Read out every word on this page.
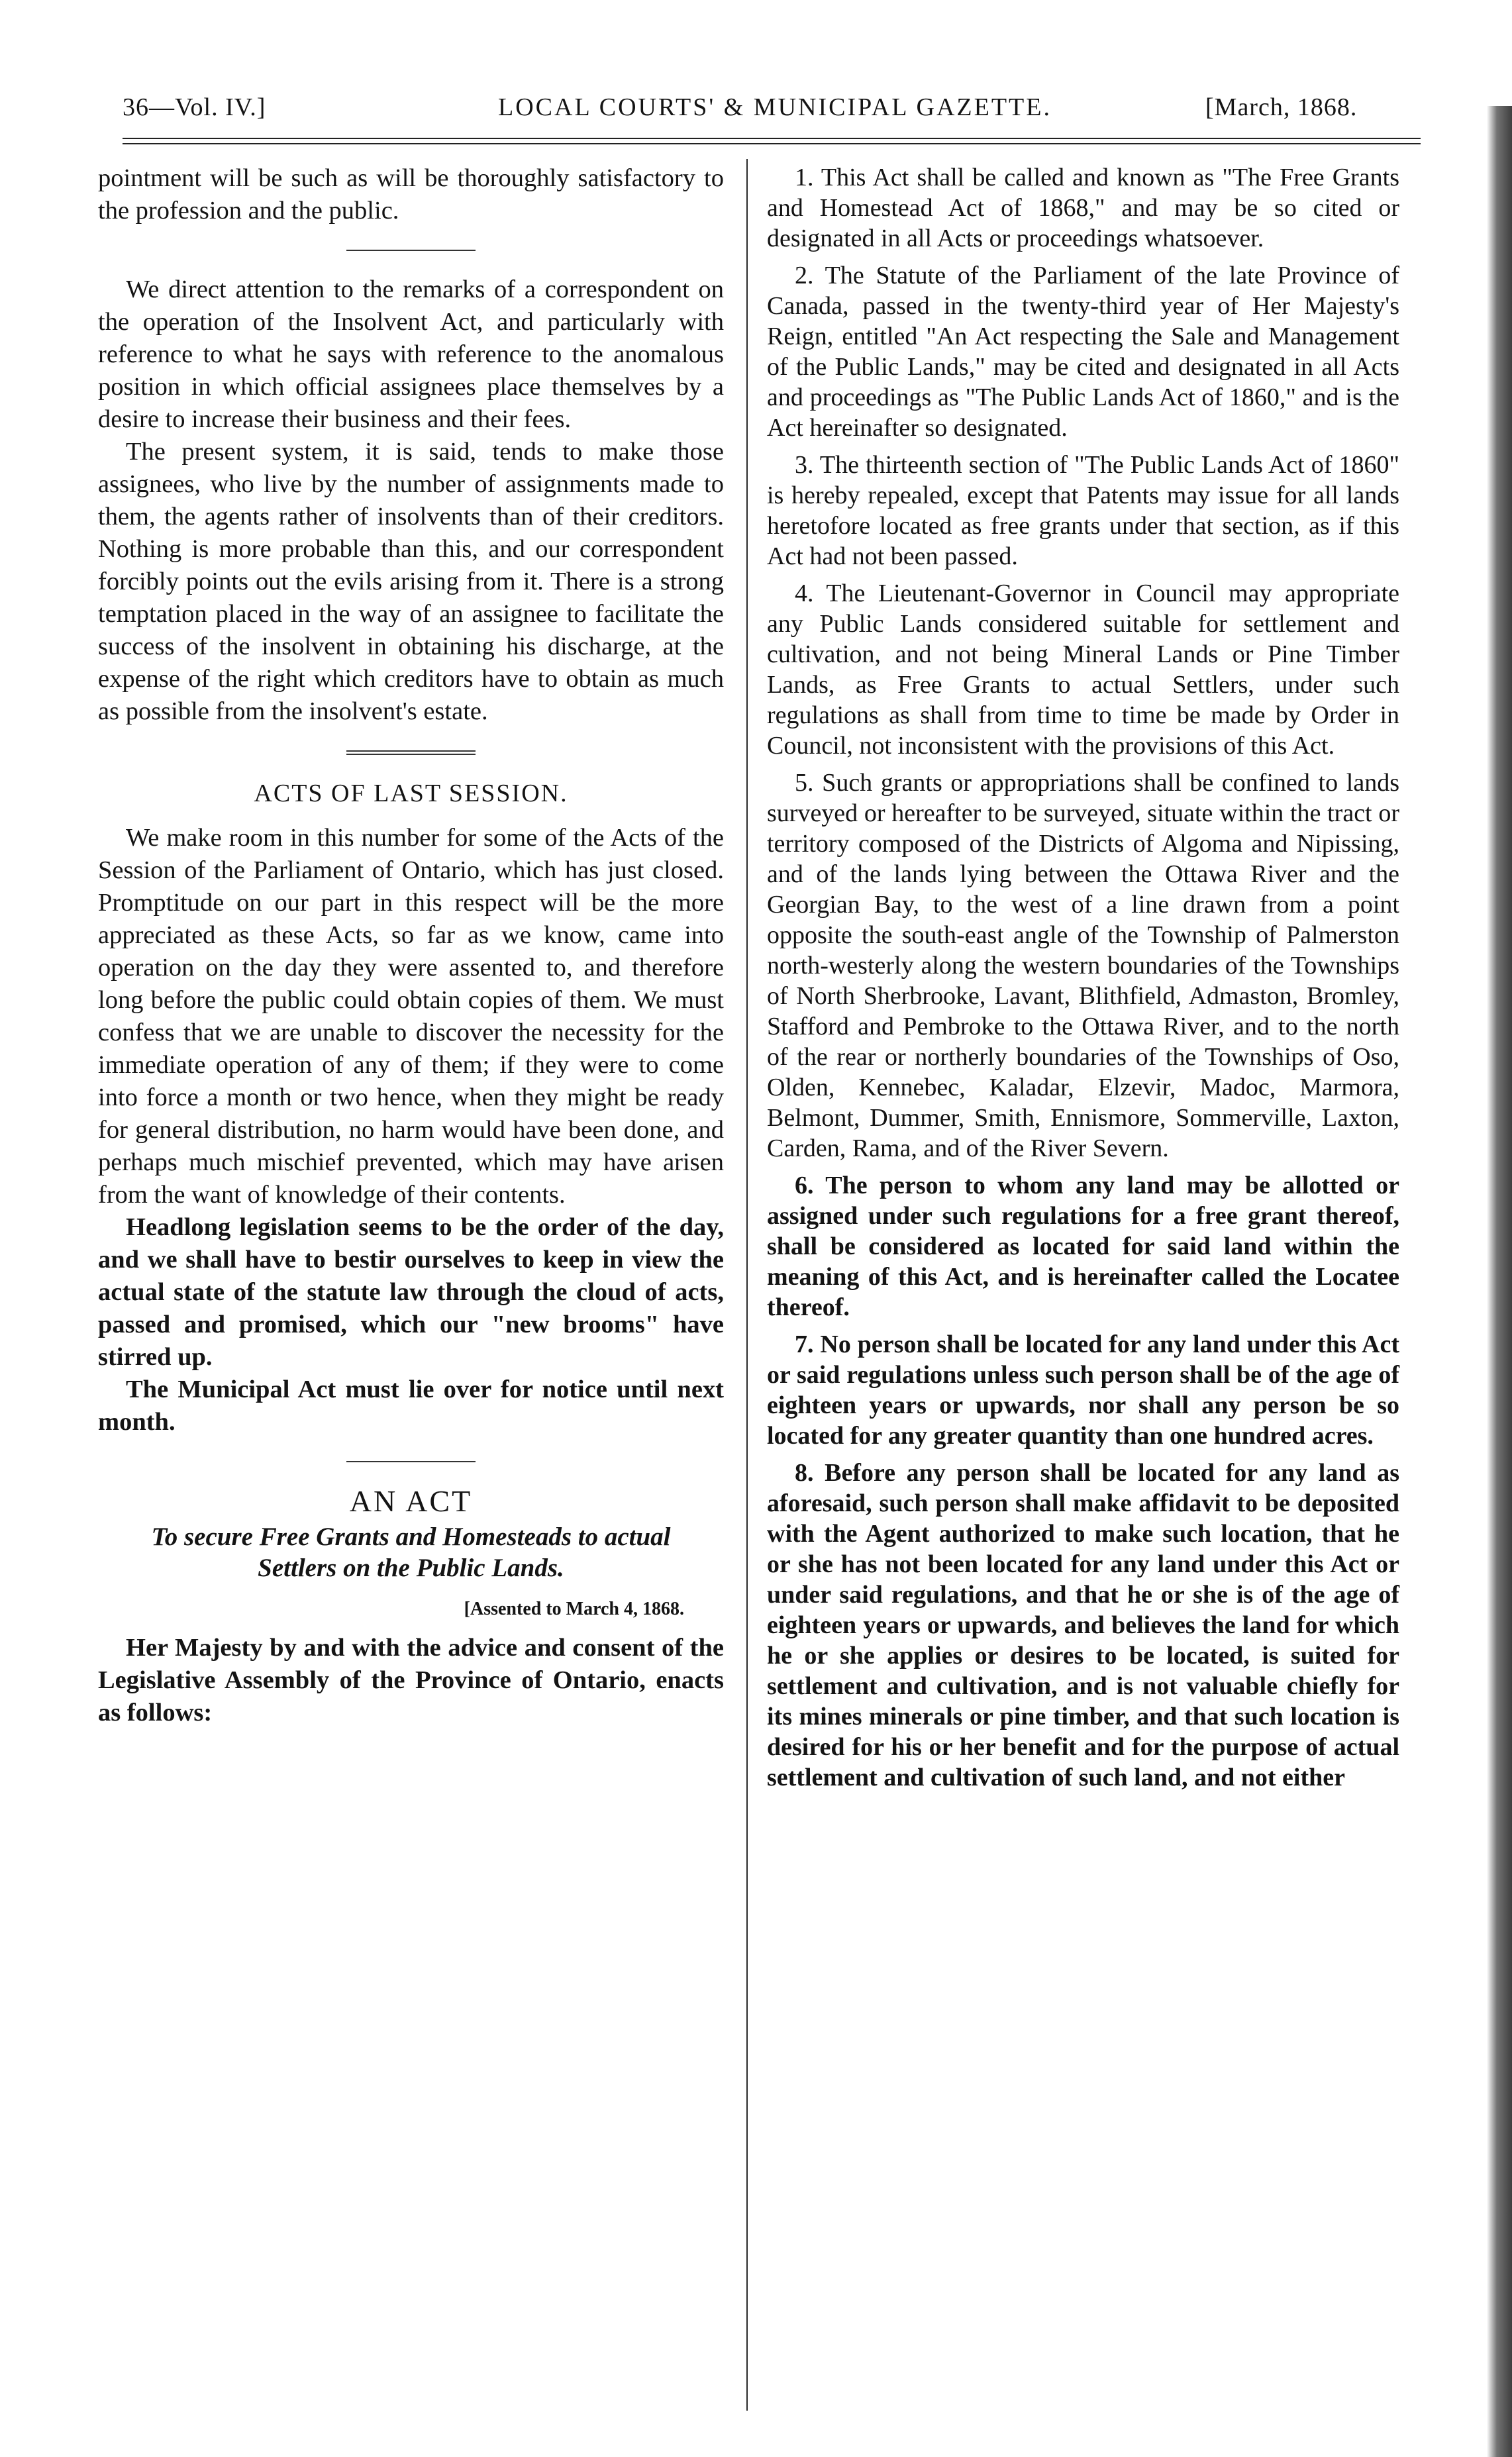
36—Vol. IV.]	LOCAL COURTS' & MUNICIPAL GAZETTE.	[March, 1868.

pointment will be such as will be thoroughly satisfactory to the profession and the public.

We direct attention to the remarks of a correspondent on the operation of the Insolvent Act, and particularly with reference to what he says with reference to the anomalous position in which official assignees place themselves by a desire to increase their business and their fees.

The present system, it is said, tends to make those assignees, who live by the number of assignments made to them, the agents rather of insolvents than of their creditors. Nothing is more probable than this, and our correspondent forcibly points out the evils arising from it. There is a strong temptation placed in the way of an assignee to facilitate the success of the insolvent in obtaining his discharge, at the expense of the right which creditors have to obtain as much as possible from the insolvent's estate.

ACTS OF LAST SESSION.

We make room in this number for some of the Acts of the Session of the Parliament of Ontario, which has just closed. Promptitude on our part in this respect will be the more appreciated as these Acts, so far as we know, came into operation on the day they were assented to, and therefore long before the public could obtain copies of them. We must confess that we are unable to discover the necessity for the immediate operation of any of them; if they were to come into force a month or two hence, when they might be ready for general distribution, no harm would have been done, and perhaps much mischief prevented, which may have arisen from the want of knowledge of their contents.

Headlong legislation seems to be the order of the day, and we shall have to bestir ourselves to keep in view the actual state of the statute law through the cloud of acts, passed and promised, which our "new brooms" have stirred up.

The Municipal Act must lie over for notice until next month.

AN ACT
To secure Free Grants and Homesteads to actual Settlers on the Public Lands.
[Assented to March 4, 1868.

Her Majesty by and with the advice and consent of the Legislative Assembly of the Province of Ontario, enacts as follows:

1. This Act shall be called and known as "The Free Grants and Homestead Act of 1868," and may be so cited or designated in all Acts or proceedings whatsoever.

2. The Statute of the Parliament of the late Province of Canada, passed in the twenty-third year of Her Majesty's Reign, entitled "An Act respecting the Sale and Management of the Public Lands," may be cited and designated in all Acts and proceedings as "The Public Lands Act of 1860," and is the Act hereinafter so designated.

3. The thirteenth section of "The Public Lands Act of 1860" is hereby repealed, except that Patents may issue for all lands heretofore located as free grants under that section, as if this Act had not been passed.

4. The Lieutenant-Governor in Council may appropriate any Public Lands considered suitable for settlement and cultivation, and not being Mineral Lands or Pine Timber Lands, as Free Grants to actual Settlers, under such regulations as shall from time to time be made by Order in Council, not inconsistent with the provisions of this Act.

5. Such grants or appropriations shall be confined to lands surveyed or hereafter to be surveyed, situate within the tract or territory composed of the Districts of Algoma and Nipissing, and of the lands lying between the Ottawa River and the Georgian Bay, to the west of a line drawn from a point opposite the south-east angle of the Township of Palmerston north-westerly along the western boundaries of the Townships of North Sherbrooke, Lavant, Blithfield, Admaston, Bromley, Stafford and Pembroke to the Ottawa River, and to the north of the rear or northerly boundaries of the Townships of Oso, Olden, Kennebec, Kaladar, Elzevir, Madoc, Marmora, Belmont, Dummer, Smith, Ennismore, Sommerville, Laxton, Carden, Rama, and of the River Severn.

6. The person to whom any land may be allotted or assigned under such regulations for a free grant thereof, shall be considered as located for said land within the meaning of this Act, and is hereinafter called the Locatee thereof.

7. No person shall be located for any land under this Act or said regulations unless such person shall be of the age of eighteen years or upwards, nor shall any person be so located for any greater quantity than one hundred acres.

8. Before any person shall be located for any land as aforesaid, such person shall make affidavit to be deposited with the Agent authorized to make such location, that he or she has not been located for any land under this Act or under said regulations, and that he or she is of the age of eighteen years or upwards, and believes the land for which he or she applies or desires to be located, is suited for settlement and cultivation, and is not valuable chiefly for its mines minerals or pine timber, and that such location is desired for his or her benefit and for the purpose of actual settlement and cultivation of such land, and not either
